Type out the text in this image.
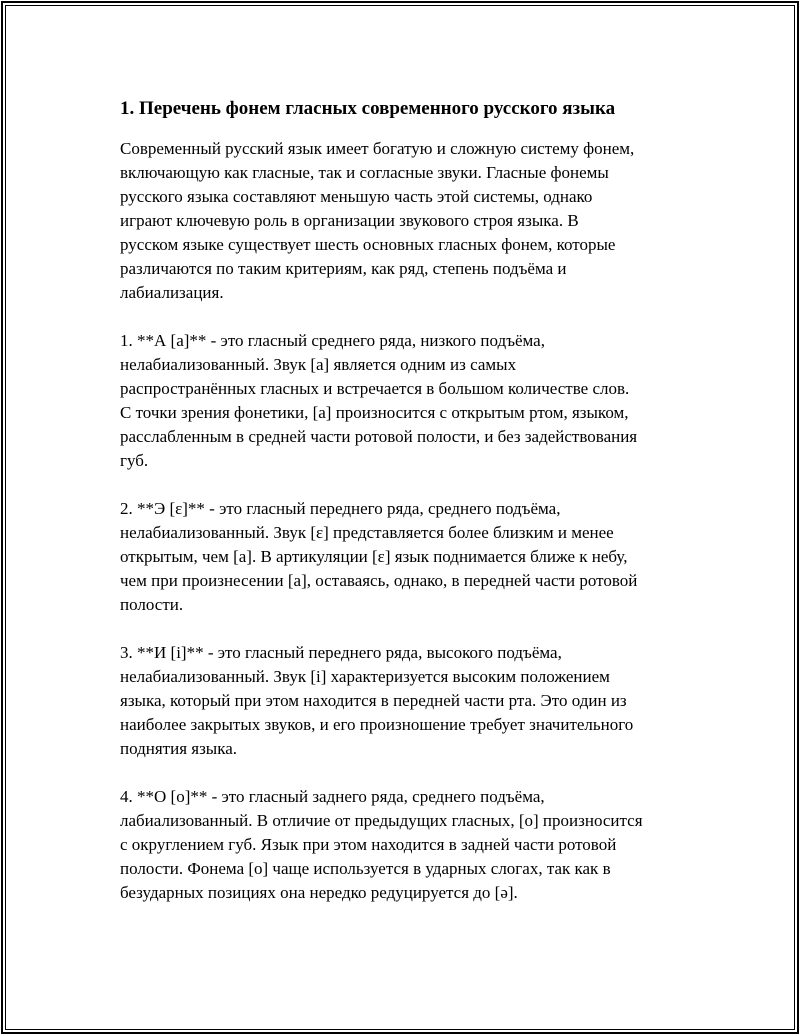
1. Перечень фонем гласных современного русского языка

Современный русский язык имеет богатую и сложную систему фонем,
включающую как гласные, так и согласные звуки. Гласные фонемы
русского языка составляют меньшую часть этой системы, однако
играют ключевую роль в организации звукового строя языка. В
русском языке существует шесть основных гласных фонем, которые
различаются по таким критериям, как ряд, степень подъёма и
лабиализация.

1. **А [a]** - это гласный среднего ряда, низкого подъёма,
нелабиализованный. Звук [a] является одним из самых
распространённых гласных и встречается в большом количестве слов.
С точки зрения фонетики, [a] произносится с открытым ртом, языком,
расслабленным в средней части ротовой полости, и без задействования
губ.

2. **Э [ɛ]** - это гласный переднего ряда, среднего подъёма,
нелабиализованный. Звук [ɛ] представляется более близким и менее
открытым, чем [a]. В артикуляции [ɛ] язык поднимается ближе к небу,
чем при произнесении [a], оставаясь, однако, в передней части ротовой
полости.

3. **И [i]** - это гласный переднего ряда, высокого подъёма,
нелабиализованный. Звук [i] характеризуется высоким положением
языка, который при этом находится в передней части рта. Это один из
наиболее закрытых звуков, и его произношение требует значительного
поднятия языка.

4. **О [o]** - это гласный заднего ряда, среднего подъёма,
лабиализованный. В отличие от предыдущих гласных, [o] произносится
с округлением губ. Язык при этом находится в задней части ротовой
полости. Фонема [o] чаще используется в ударных слогах, так как в
безударных позициях она нередко редуцируется до [ə].
